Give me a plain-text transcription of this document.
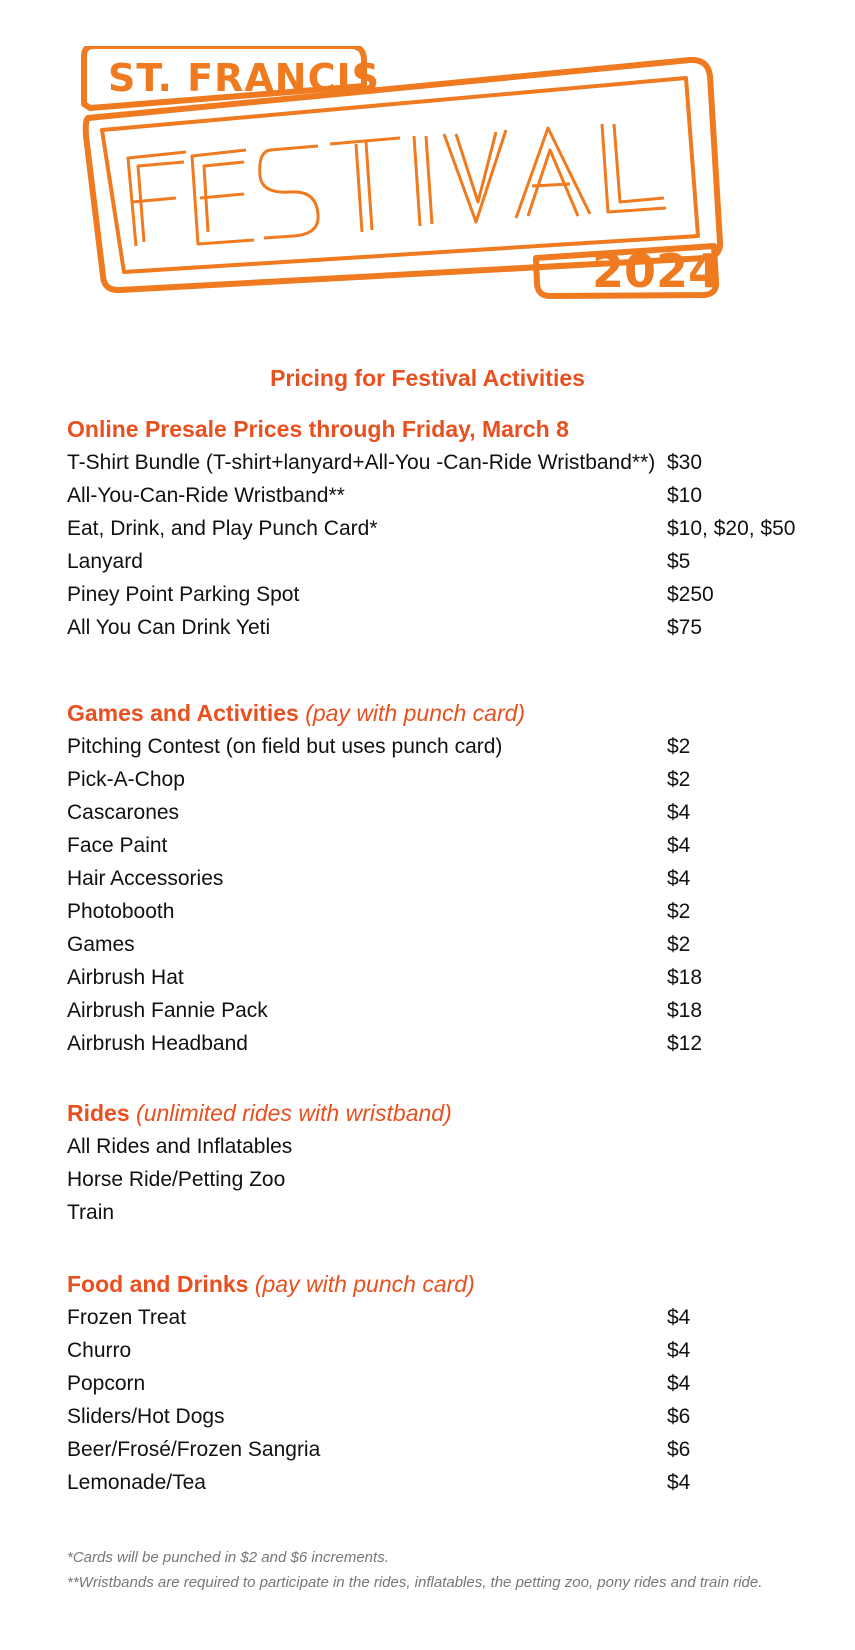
ST. FRANCIS
2024
Pricing for Festival Activities
Online Presale Prices through Friday, March 8
T-Shirt Bundle (T-shirt+lanyard+All-You -Can-Ride Wristband**) $30
All-You-Can-Ride Wristband**	$10
Eat, Drink, and Play Punch Card*	$10, $20, $50
Lanyard	$5
Piney Point Parking Spot	$250
All You Can Drink Yeti	$75
Games and Activities (pay with punch card)
Pitching Contest (on field but uses punch card)	$2
Pick-A-Chop	$2
Cascarones	$4
Face Paint	$4
Hair Accessories	$4
Photobooth	$2
Games	$2
Airbrush Hat	$18
Airbrush Fannie Pack	$18
Airbrush Headband	$12
Rides (unlimited rides with wristband)
All Rides and Inflatables
Horse Ride/Petting Zoo
Train
Food and Drinks (pay with punch card)
Frozen Treat	$4
Churro	$4
Popcorn	$4
Sliders/Hot Dogs	$6
Beer/Frosé/Frozen Sangria	$6
Lemonade/Tea	$4
*Cards will be punched in $2 and $6 increments.
**Wristbands are required to participate in the rides, inflatables, the petting zoo, pony rides and train ride.
